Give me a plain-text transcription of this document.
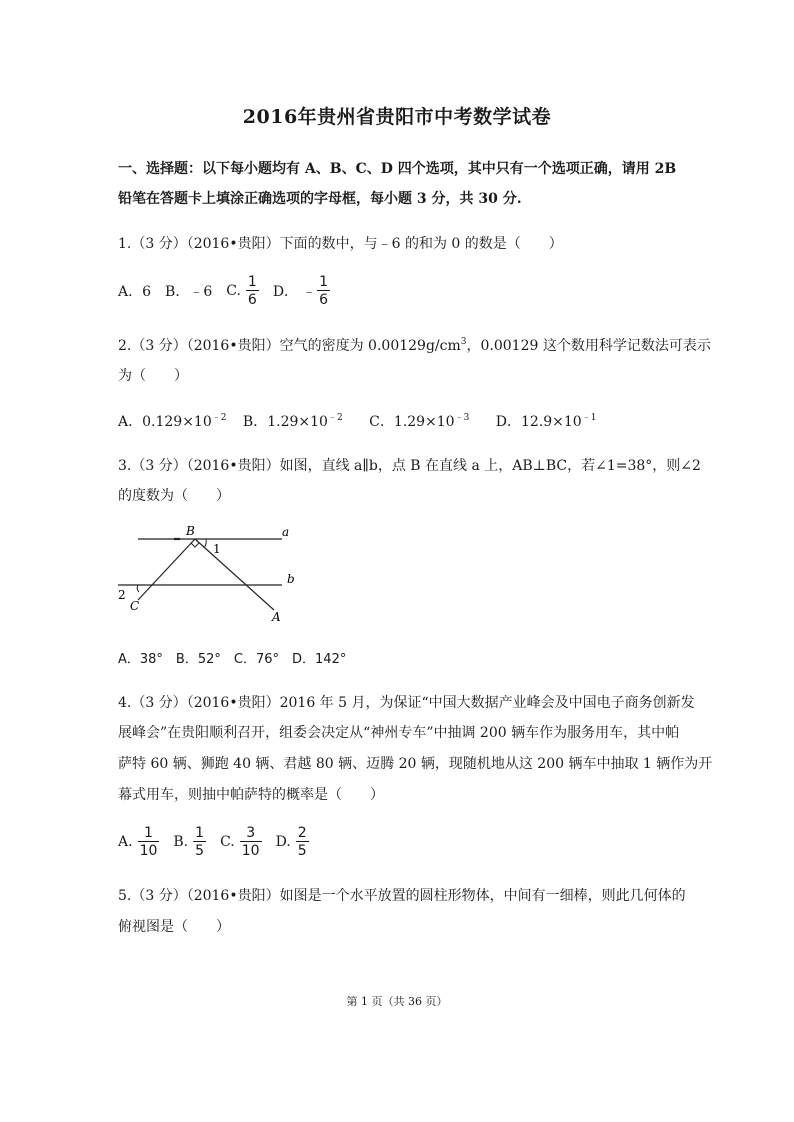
2016年贵州省贵阳市中考数学试卷
一、选择题：以下每小题均有 A、B、C、D 四个选项，其中只有一个选项正确，请用 2B
铅笔在答题卡上填涂正确选项的字母框，每小题 3 分，共 30 分.
1.（3 分）（2016•贵阳）下面的数中，与﹣6 的和为 0 的数是（　　）
A．6 B．﹣6 C. $\frac{1}{6}$ D． ﹣ $\frac{1}{6}$
2.（3 分）（2016•贵阳）空气的密度为 $0.00129g/cm^3$，0.00129 这个数用科学记数法可表示
为（　　）
A．$0.129\times 10^{﹣2}$ B．$1.29\times 10^{﹣2}$ C．$1.29\times 10^{﹣3}$ D．$12.9\times 10^{﹣1}$
3.（3 分）（2016•贵阳）如图，直线 a∥b，点 B 在直线 a 上，AB⊥BC，若∠1=38°，则∠2
的度数为（　　）
B	a
1
b
2
C
A
A．38°　B．52°　C．76°　D．142°
4.（3 分）（2016•贵阳）2016 年 5 月，为保证“中国大数据产业峰会及中国电子商务创新发
展峰会”在贵阳顺利召开，组委会决定从“神州专车”中抽调 200 辆车作为服务用车，其中帕
萨特 60 辆、狮跑 40 辆、君越 80 辆、迈腾 20 辆，现随机地从这 200 辆车中抽取 1 辆作为开
幕式用车，则抽中帕萨特的概率是（　　）
A. $\frac{1}{10} B$. $\frac{1}{5} C$. $\frac{3}{10} D$. $\frac{2}{5}$
5.（3 分）（2016•贵阳）如图是一个水平放置的圆柱形物体，中间有一细棒，则此几何体的
俯视图是（　　）
第 1 页（共 36 页）
